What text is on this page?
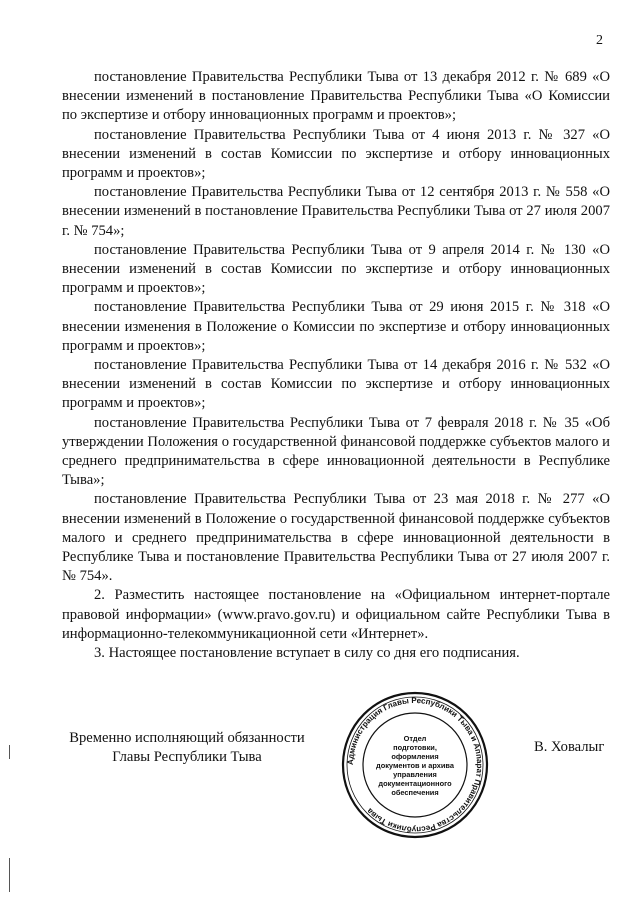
2

постановление Правительства Республики Тыва от 13 декабря 2012 г. № 689 «О внесении изменений в постановление Правительства Республики Тыва «О Комиссии по экспертизе и отбору инновационных программ и проектов»;

постановление Правительства Республики Тыва от 4 июня 2013 г. № 327 «О внесении изменений в состав Комиссии по экспертизе и отбору инновационных программ и проектов»;

постановление Правительства Республики Тыва от 12 сентября 2013 г. № 558 «О внесении изменений в постановление Правительства Республики Тыва от 27 июля 2007 г. № 754»;

постановление Правительства Республики Тыва от 9 апреля 2014 г. № 130 «О внесении изменений в состав Комиссии по экспертизе и отбору инновационных программ и проектов»;

постановление Правительства Республики Тыва от 29 июня 2015 г. № 318 «О внесении изменения в Положение о Комиссии по экспертизе и отбору инновационных программ и проектов»;

постановление Правительства Республики Тыва от 14 декабря 2016 г. № 532 «О внесении изменений в состав Комиссии по экспертизе и отбору инновационных программ и проектов»;

постановление Правительства Республики Тыва от 7 февраля 2018 г. № 35 «Об утверждении Положения о государственной финансовой поддержке субъектов малого и среднего предпринимательства в сфере инновационной деятельности в Республике Тыва»;

постановление Правительства Республики Тыва от 23 мая 2018 г. № 277 «О внесении изменений в Положение о государственной финансовой поддержке субъектов малого и среднего предпринимательства в сфере инновационной деятельности в Республике Тыва и постановление Правительства Республики Тыва от 27 июля 2007 г. № 754».

2. Разместить настоящее постановление на «Официальном интернет-портале правовой информации» (www.pravo.gov.ru) и официальном сайте Республики Тыва в информационно-телекоммуникационной сети «Интернет».

3. Настоящее постановление вступает в силу со дня его подписания.

Временно исполняющий обязанности
Главы Республики Тыва
В. Ховалыг
Администрация Главы Республики Тыва и Аппарат Правительства Республики Тыва
Отдел
подготовки,
оформления
документов и архива
управления
документационного
обеспечения
